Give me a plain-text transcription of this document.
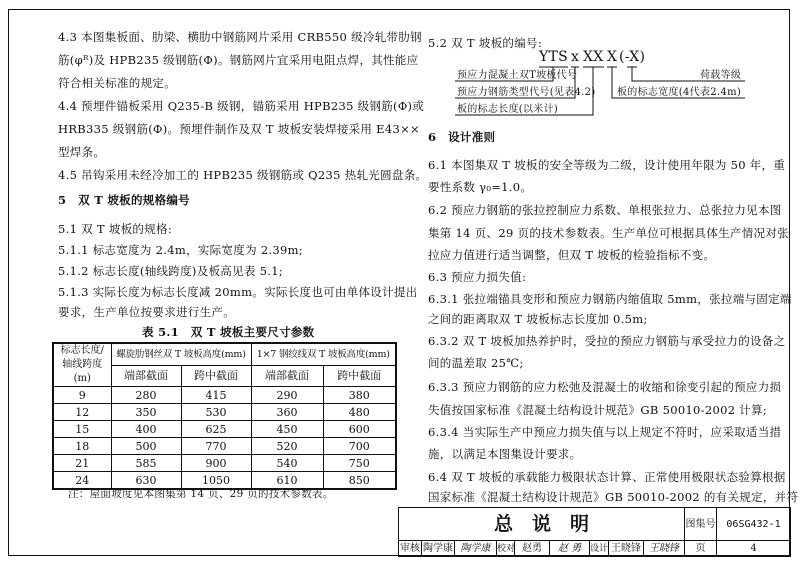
4.3 本图集板面、肋梁、横肋中钢筋网片采用 CRB550 级冷轧带肋钢
筋(φᴿ)及 HPB235 级钢筋(Φ)。钢筋网片宜采用电阻点焊，其性能应
符合相关标准的规定。
4.4 预埋件锚板采用 Q235-B 级钢，锚筋采用 HPB235 级钢筋(Φ)或
HRB335 级钢筋(Φ)。预埋件制作及双 T 坡板安装焊接采用 E43××
型焊条。
4.5 吊钩采用未经冷加工的 HPB235 级钢筋或 Q235 热轧光圆盘条。
5　双 T 坡板的规格编号
5.1 双 T 坡板的规格:
5.1.1 标志宽度为 2.4m，实际宽度为 2.39m;
5.1.2 标志长度(轴线跨度)及板高见表 5.1;
5.1.3 实际长度为标志长度减 20mm。实际长度也可由单体设计提出
要求，生产单位按要求进行生产。
表 5.1　双 T 坡板主要尺寸参数
标志长度/轴线跨度(m)	螺旋肋钢丝双 T 坡板高度(mm)		1×7 钢绞线双 T 坡板高度(mm)	
	端部截面	跨中截面	端部截面	跨中截面
9	280	415	290	380
12	350	530	360	480
15	400	625	450	600
18	500	770	520	700
21	585	900	540	750
24	630	1050	610	850
注：屋面坡度见本图集第 14 页、29 页的技术参数表。
5.2 双 T 坡板的编号:
YTS x XX X (-X)
预应力混凝土双T坡板代号
预应力钢筋类型代号(见表4.2)
板的标志长度(以米计)
荷载等级
板的标志宽度(4代表2.4m)
6　设计准则
6.1 本图集双 T 坡板的安全等级为二级，设计使用年限为 50 年，重
要性系数 γ₀=1.0。
6.2 预应力钢筋的张拉控制应力系数、单根张拉力、总张拉力见本图
集第 14 页、29 页的技术参数表。生产单位可根据具体生产情况对张
拉应力值进行适当调整，但双 T 坡板的检验指标不变。
6.3 预应力损失值:
6.3.1 张拉端锚具变形和预应力钢筋内缩值取 5mm，张拉端与固定端
之间的距离取双 T 坡板标志长度加 0.5m;
6.3.2 双 T 坡板加热养护时，受拉的预应力钢筋与承受拉力的设备之
间的温差取 25℃;
6.3.3 预应力钢筋的应力松弛及混凝土的收缩和徐变引起的预应力损
失值按国家标准《混凝土结构设计规范》GB 50010-2002 计算;
6.3.4 当实际生产中预应力损失值与以上规定不符时，应采取适当措
施，以满足本图集设计要求。
6.4 双 T 坡板的承载能力极限状态计算、正常使用极限状态验算根据
国家标准《混凝土结构设计规范》GB 50010-2002 的有关规定，并符
总　说　明	图集号	06SG432-1
审核 陶学康 陶学康 校对 赵勇	赵 勇 设计 王晓锋 王晓锋	页	4
